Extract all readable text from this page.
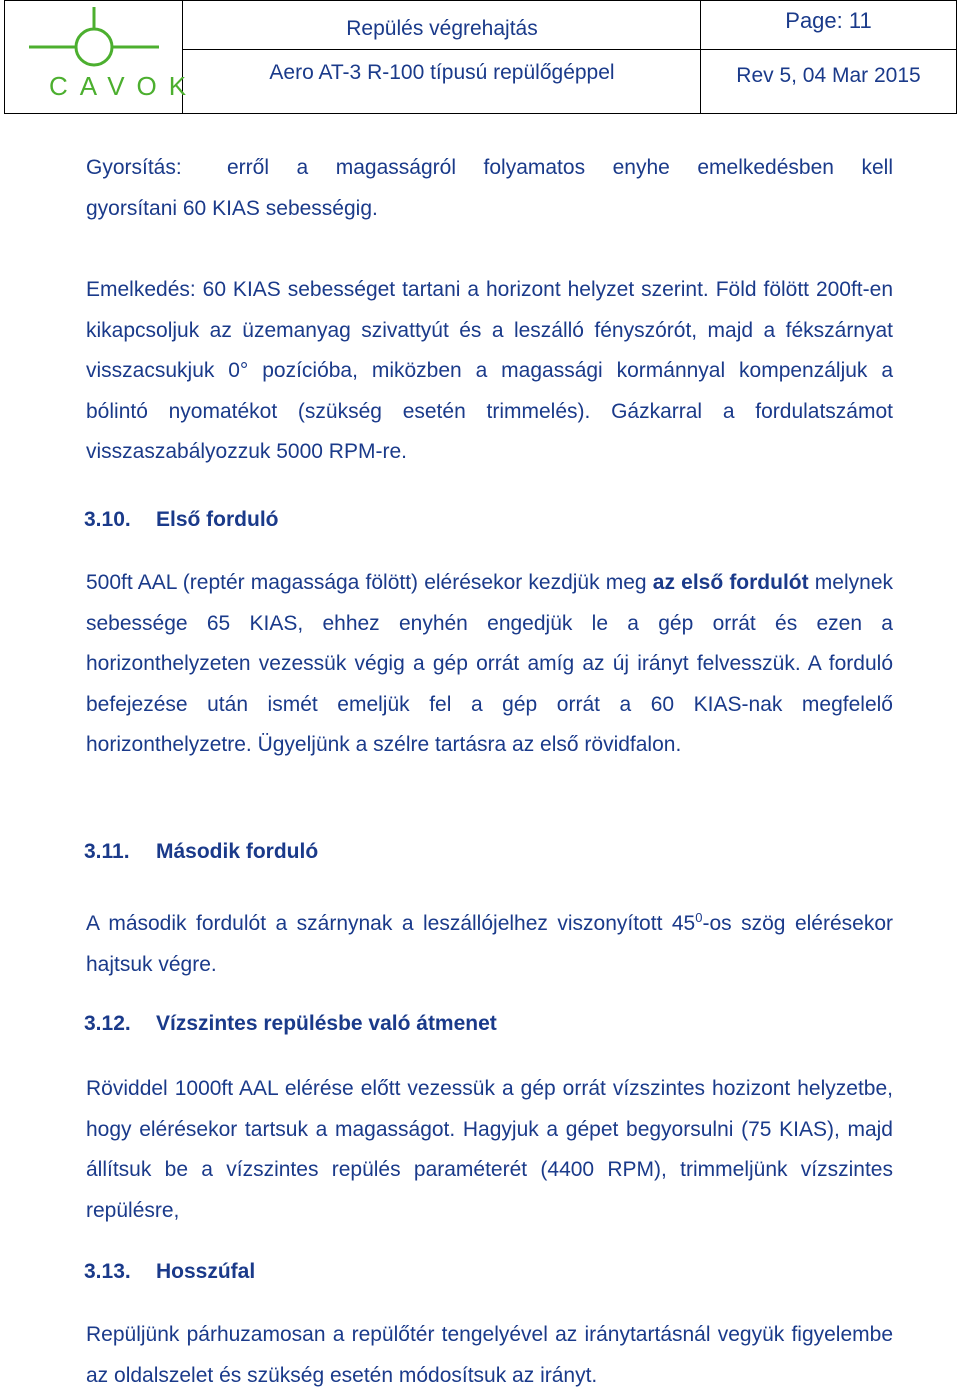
CAVOK
Repülés végrehajtás
Aero AT-3 R-100 típusú repülőgéppel
Page: 11
Rev 5, 04 Mar 2015
Gyorsítás: erről a magasságról folyamatos enyhe emelkedésben kell
gyorsítani 60 KIAS sebességig.

Emelkedés: 60 KIAS sebességet tartani a horizont helyzet szerint. Föld fölött 200ft-en kikapcsoljuk az üzemanyag szivattyút és a leszálló fényszórót, majd a fékszárnyat visszacsukjuk 0° pozícióba, miközben a magassági kormánnyal kompenzáljuk a bólintó nyomatékot (szükség esetén trimmelés). Gázkarral a fordulatszámot visszaszabályozzuk 5000 RPM-re.

3.10. Első forduló

500ft AAL (reptér magassága fölött) elérésekor kezdjük meg az első fordulót melynek sebessége 65 KIAS, ehhez enyhén engedjük le a gép orrát és ezen a horizonthelyzeten vezessük végig a gép orrát amíg az új irányt felvesszük. A forduló befejezése után ismét emeljük fel a gép orrát a 60 KIAS-nak megfelelő horizonthelyzetre. Ügyeljünk a szélre tartásra az első rövidfalon.

3.11. Második forduló

A második fordulót a szárnynak a leszállójelhez viszonyított $45^0-os$ szög elérésekor hajtsuk végre.

3.12. Vízszintes repülésbe való átmenet

Röviddel 1000ft AAL elérése előtt vezessük a gép orrát vízszintes hozizont helyzetbe, hogy elérésekor tartsuk a magasságot. Hagyjuk a gépet begyorsulni (75 KIAS), majd állítsuk be a vízszintes repülés paraméterét (4400 RPM), trimmeljünk vízszintes repülésre,

3.13. Hosszúfal

Repüljünk párhuzamosan a repülőtér tengelyével az iránytartásnál vegyük figyelembe az oldalszelet és szükség esetén módosítsuk az irányt.
